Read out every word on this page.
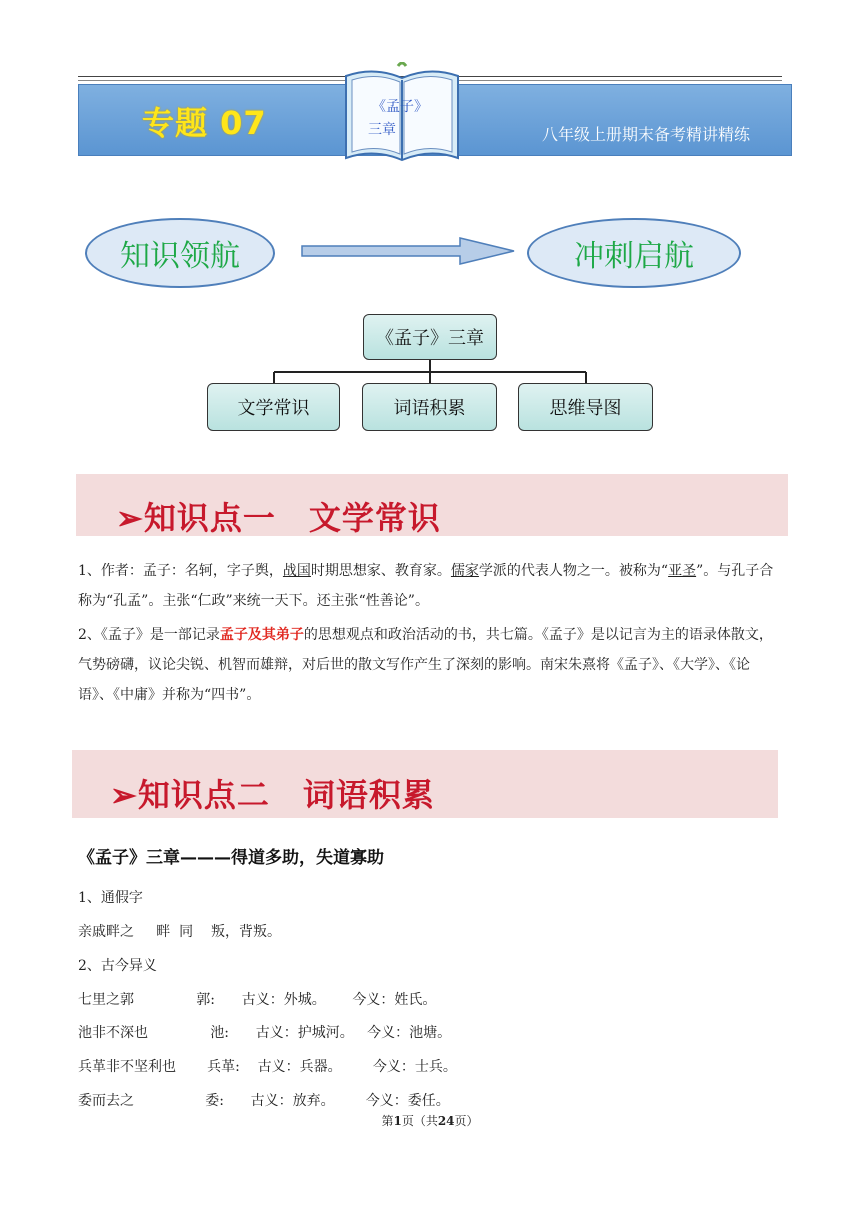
专题 07	八年级上册期末备考精讲精练
《孟子》
三章
知识领航	冲刺启航
《孟子》三章
文学常识	词语积累	思维导图
➢知识点一　文学常识
1、作者：孟子：名轲，字子舆，战国时期思想家、教育家。儒家学派的代表人物之一。被称为“亚圣”。与孔子合称为“孔孟”。主张“仁政”来统一天下。还主张“性善论”。
2、《孟子》是一部记录孟子及其弟子的思想观点和政治活动的书，共七篇。《孟子》是以记言为主的语录体散文，气势磅礴，议论尖锐、机智而雄辩，对后世的散文写作产生了深刻的影响。南宋朱熹将《孟子》、《大学》、《论语》、《中庸》并称为“四书”。
➢知识点二　词语积累
《孟子》三章———得道多助，失道寡助
1、通假字
亲戚畔之     畔  同    叛，背叛。
2、古今异义
七里之郭              郭:      古义：外城。      今义：姓氏。
池非不深也              池:      古义：护城河。   今义：池塘。
兵革非不坚利也       兵革:    古义：兵器。       今义：士兵。
委而去之                委:      古义：放弃。       今义：委任。
第1页（共24页）
